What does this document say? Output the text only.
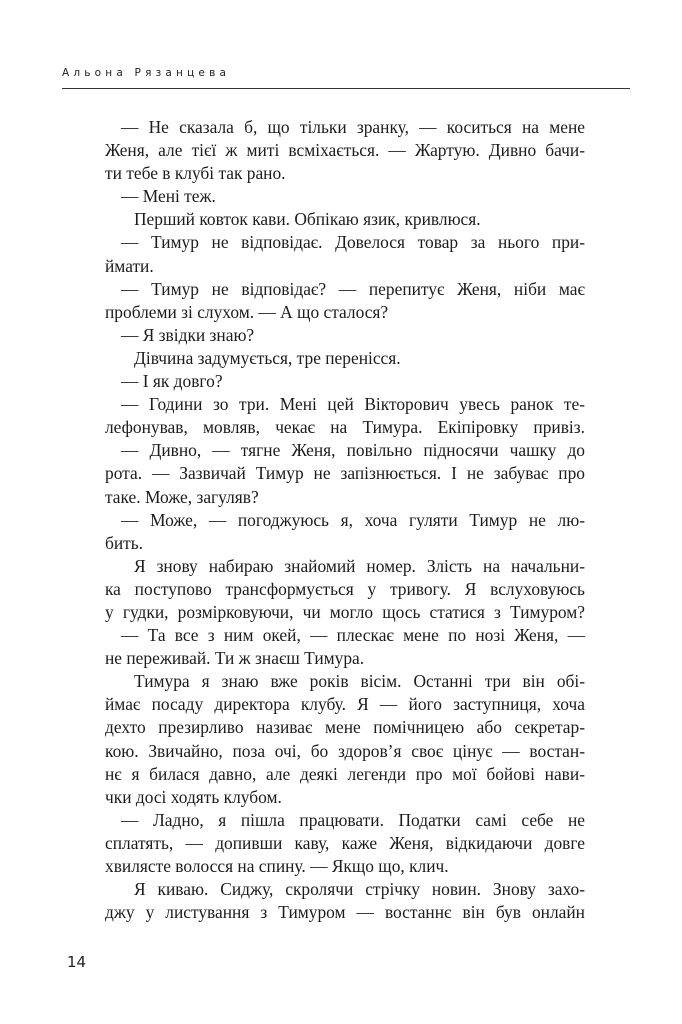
Альона Рязанцева
— Не сказала б, що тільки зранку, — коситься на мене
Женя, але тієї ж миті всміхається. — Жартую. Дивно бачи-
ти тебе в клубі так рано.
— Мені теж.
Перший ковток кави. Обпікаю язик, кривлюся.
— Тимур не відповідає. Довелося товар за нього при-
ймати.
— Тимур не відповідає? — перепитує Женя, ніби має
проблеми зі слухом. — А що сталося?
— Я звідки знаю?
Дівчина задумується, тре перенісся.
— І як довго?
— Години зо три. Мені цей Вікторович увесь ранок те-
лефонував, мовляв, чекає на Тимура. Екіпіровку привіз.
— Дивно, — тягне Женя, повільно підносячи чашку до
рота. — Зазвичай Тимур не запізнюється. І не забуває про
таке. Може, загуляв?
— Може, — погоджуюсь я, хоча гуляти Тимур не лю-
бить.
Я знову набираю знайомий номер. Злість на начальни-
ка поступово трансформується у тривогу. Я вслуховуюсь
у гудки, розмірковуючи, чи могло щось статися з Тимуром?
— Та все з ним окей, — плескає мене по нозі Женя, —
не переживай. Ти ж знаєш Тимура.
Тимура я знаю вже років вісім. Останні три він обі-
ймає посаду директора клубу. Я — його заступниця, хоча
дехто презирливо називає мене помічницею або секретар-
кою. Звичайно, поза очі, бо здоров’я своє цінує — востан-
нє я билася давно, але деякі легенди про мої бойові нави-
чки досі ходять клубом.
— Ладно, я пішла працювати. Податки самі себе не
сплатять, — допивши каву, каже Женя, відкидаючи довге
хвилясте волосся на спину. — Якщо що, клич.
Я киваю. Сиджу, скролячи стрічку новин. Знову захо-
джу у листування з Тимуром — востаннє він був онлайн
14
